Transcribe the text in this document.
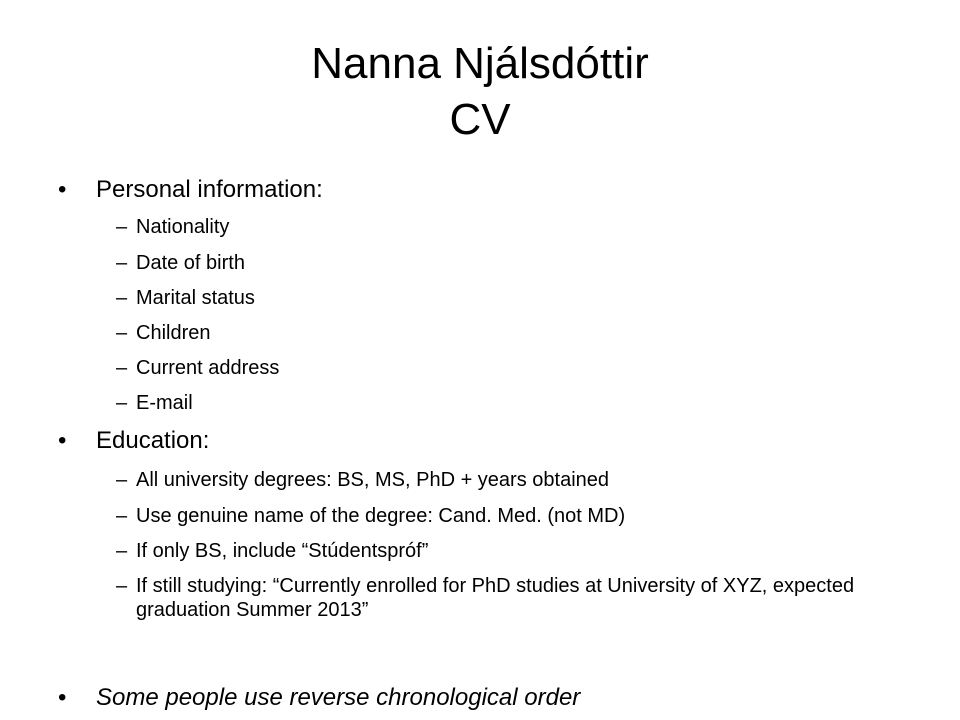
Nanna Njálsdóttir
CV
• Personal information:
– Nationality
– Date of birth
– Marital status
– Children
– Current address
– E-mail
• Education:
– All university degrees: BS, MS, PhD + years obtained
– Use genuine name of the degree: Cand. Med. (not MD)
– If only BS, include “Stúdentspróf”
– If still studying: “Currently enrolled for PhD studies at University of XYZ, expected graduation Summer 2013”
• Some people use reverse chronological order
